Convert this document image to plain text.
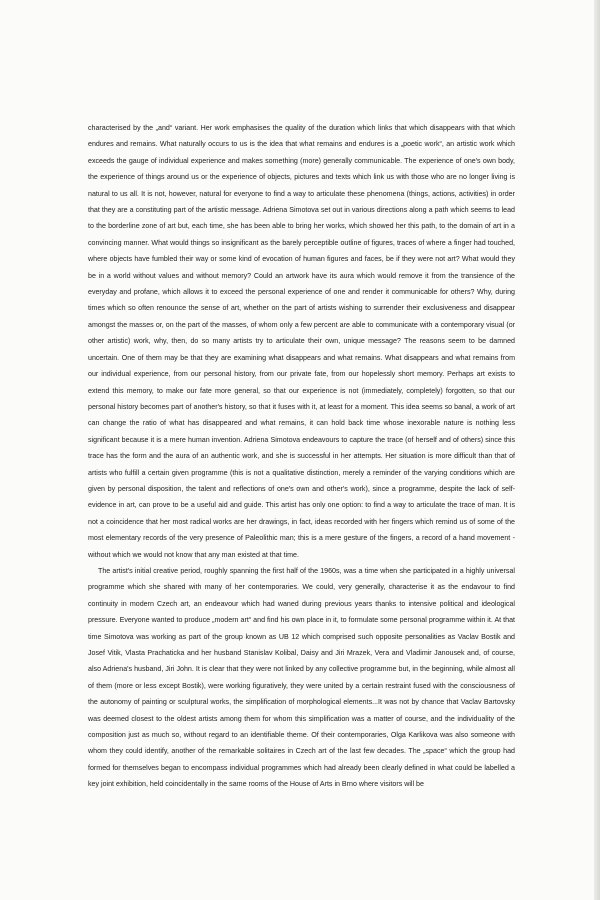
characterised by the „and“ variant. Her work emphasises the quality of the duration which links that which disappears with that which endures and remains. What naturally occurs to us is the idea that what remains and endures is a „poetic work“, an artistic work which exceeds the gauge of individual experience and makes something (more) generally communicable. The experience of one's own body, the experience of things around us or the experience of objects, pictures and texts which link us with those who are no longer living is natural to us all. It is not, however, natural for everyone to find a way to articulate these phenomena (things, actions, activities) in order that they are a constituting part of the artistic message. Adriena Simotova set out in various directions along a path which seems to lead to the borderline zone of art but, each time, she has been able to bring her works, which showed her this path, to the domain of art in a convincing manner. What would things so insignificant as the barely perceptible outline of figures, traces of where a finger had touched, where objects have fumbled their way or some kind of evocation of human figures and faces, be if they were not art? What would they be in a world without values and without memory? Could an artwork have its aura which would remove it from the transience of the everyday and profane, which allows it to exceed the personal experience of one and render it communicable for others? Why, during times which so often renounce the sense of art, whether on the part of artists wishing to surrender their exclusiveness and disappear amongst the masses or, on the part of the masses, of whom only a few percent are able to communicate with a contemporary visual (or other artistic) work, why, then, do so many artists try to articulate their own, unique message? The reasons seem to be damned uncertain. One of them may be that they are examining what disappears and what remains. What disappears and what remains from our individual experience, from our personal history, from our private fate, from our hopelessly short memory. Perhaps art exists to extend this memory, to make our fate more general, so that our experience is not (immediately, completely) forgotten, so that our personal history becomes part of another's history, so that it fuses with it, at least for a moment. This idea seems so banal, a work of art can change the ratio of what has disappeared and what remains, it can hold back time whose inexorable nature is nothing less significant because it is a mere human invention. Adriena Simotova endeavours to capture the trace (of herself and of others) since this trace has the form and the aura of an authentic work, and she is successful in her attempts. Her situation is more difficult than that of artists who fulfill a certain given programme (this is not a qualitative distinction, merely a reminder of the varying conditions which are given by personal disposition, the talent and reflections of one's own and other's work), since a programme, despite the lack of self- evidence in art, can prove to be a useful aid and guide. This artist has only one option: to find a way to articulate the trace of man. It is not a coincidence that her most radical works are her drawings, in fact, ideas recorded with her fingers which remind us of some of the most elementary records of the very presence of Paleolithic man; this is a mere gesture of the fingers, a record of a hand movement - without which we would not know that any man existed at that time.

The artist's initial creative period, roughly spanning the first half of the 1960s, was a time when she participated in a highly universal programme which she shared with many of her contemporaries. We could, very generally, characterise it as the endavour to find continuity in modern Czech art, an endeavour which had waned during previous years thanks to intensive political and ideological pressure. Everyone wanted to produce „modern art“ and find his own place in it, to formulate some personal programme within it. At that time Simotova was working as part of the group known as UB 12 which comprised such opposite personalities as Vaclav Bostik and Josef Vitik, Vlasta Prachaticka and her husband Stanislav Kolibal, Daisy and Jiri Mrazek, Vera and Vladimir Janousek and, of course, also Adriena's husband, Jiri John. It is clear that they were not linked by any collective programme but, in the beginning, while almost all of them (more or less except Bostik), were working figuratively, they were united by a certain restraint fused with the consciousness of the autonomy of painting or sculptural works, the simplification of morphological elements...It was not by chance that Vaclav Bartovsky was deemed closest to the oldest artists among them for whom this simplification was a matter of course, and the individuality of the composition just as much so, without regard to an identifiable theme. Of their contemporaries, Olga Karlikova was also someone with whom they could identify, another of the remarkable solitaires in Czech art of the last few decades. The „space“ which the group had formed for themselves began to encompass individual programmes which had already been clearly defined in what could be labelled a key joint exhibition, held coincidentally in the same rooms of the House of Arts in Brno where visitors will be
